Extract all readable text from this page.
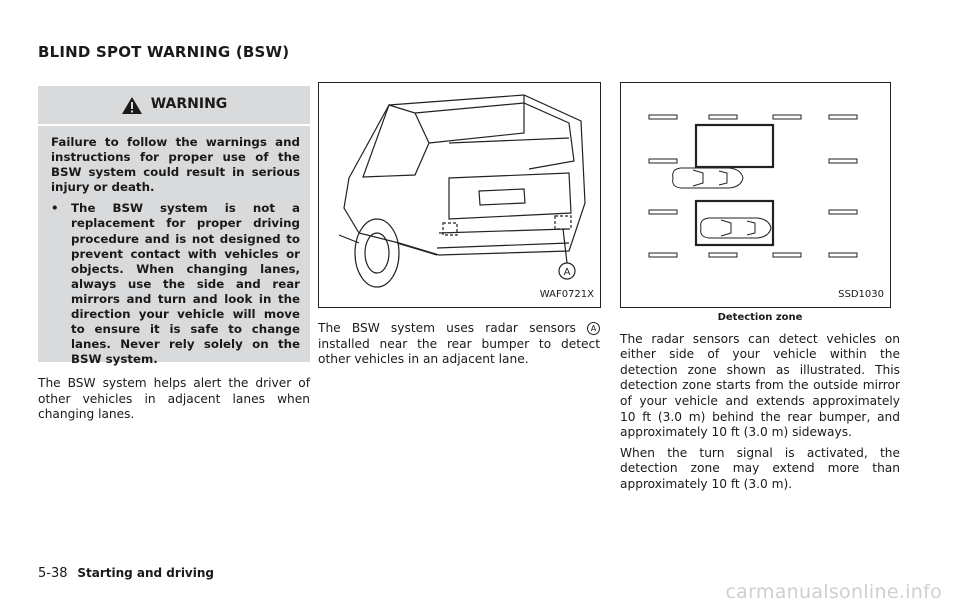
BLIND SPOT WARNING (BSW)
WARNING

Failure to follow the warnings and instructions for proper use of the BSW system could result in serious injury or death.

•	The BSW system is not a replacement for proper driving procedure and is not designed to prevent contact with vehicles or objects. When changing lanes, always use the side and rear mirrors and turn and look in the direction your vehicle will move to ensure it is safe to change lanes. Never rely solely on the BSW system.
The BSW system helps alert the driver of other vehicles in adjacent lanes when changing lanes.
A
WAF0721X
The BSW system uses radar sensors A installed near the rear bumper to detect other vehicles in an adjacent lane.
SSD1030
Detection zone
The radar sensors can detect vehicles on either side of your vehicle within the detection zone shown as illustrated. This detection zone starts from the outside mirror of your vehicle and extends approximately 10 ft (3.0 m) behind the rear bumper, and approximately 10 ft (3.0 m) sideways.
When the turn signal is activated, the detection zone may extend more than approximately 10 ft (3.0 m).
5-38 Starting and driving
carmanualsonline.info
